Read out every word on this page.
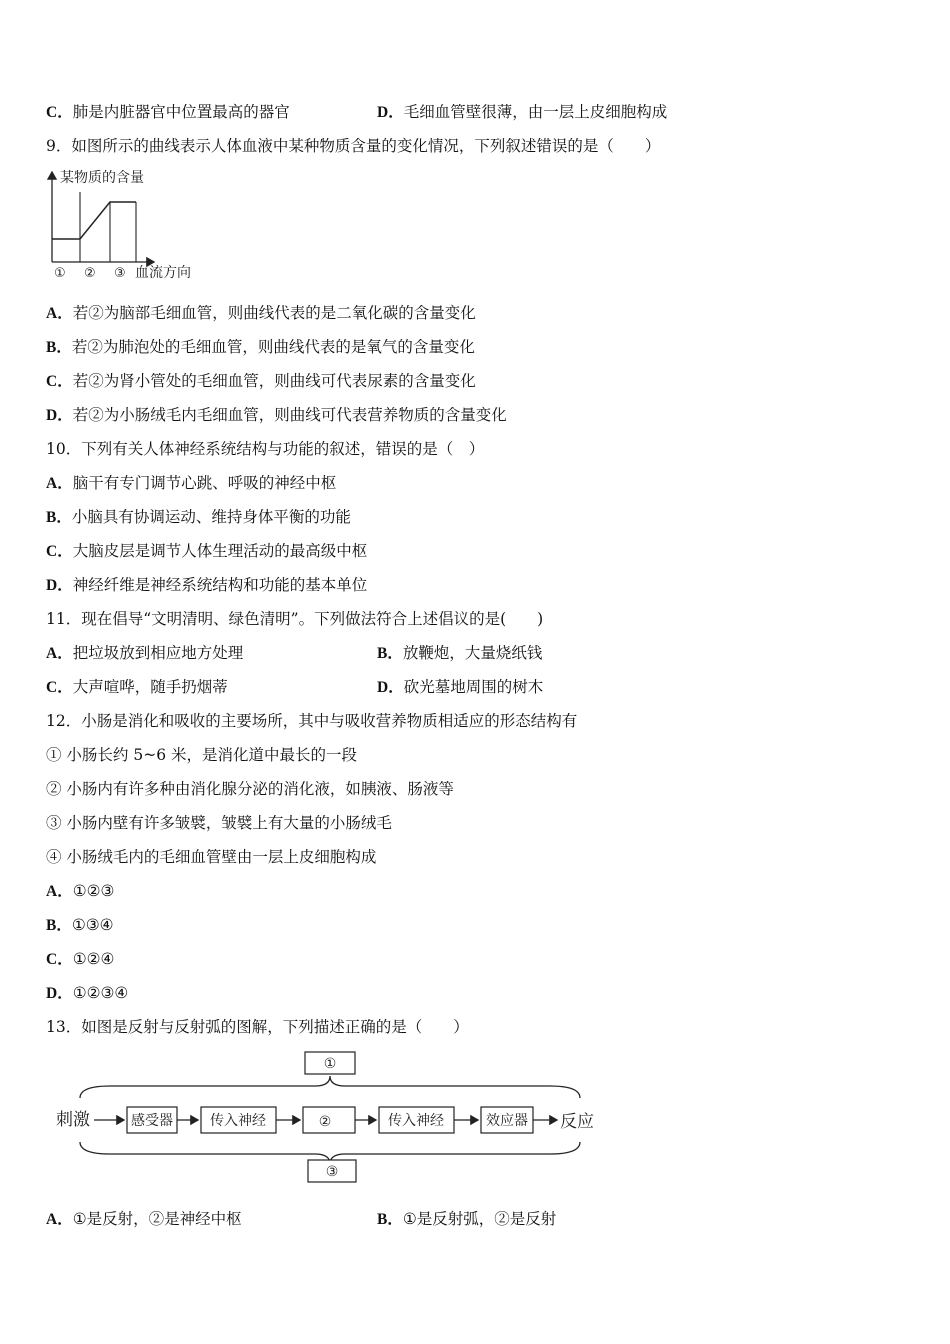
C．肺是内脏器官中位置最高的器官	D．毛细血管壁很薄，由一层上皮细胞构成
9．如图所示的曲线表示人体血液中某种物质含量的变化情况，下列叙述错误的是（　　）
某物质的含量
血流方向
① ② ③
A．若②为脑部毛细血管，则曲线代表的是二氧化碳的含量变化
B．若②为肺泡处的毛细血管，则曲线代表的是氧气的含量变化
C．若②为肾小管处的毛细血管，则曲线可代表尿素的含量变化
D．若②为小肠绒毛内毛细血管，则曲线可代表营养物质的含量变化
10．下列有关人体神经系统结构与功能的叙述，错误的是（　）
A．脑干有专门调节心跳、呼吸的神经中枢
B．小脑具有协调运动、维持身体平衡的功能
C．大脑皮层是调节人体生理活动的最高级中枢
D．神经纤维是神经系统结构和功能的基本单位
11．现在倡导“文明清明、绿色清明”。下列做法符合上述倡议的是(　　)
A．把垃圾放到相应地方处理	B．放鞭炮，大量烧纸钱
C．大声喧哗，随手扔烟蒂	D．砍光墓地周围的树木
12．小肠是消化和吸收的主要场所，其中与吸收营养物质相适应的形态结构有
① 小肠长约 5~6 米，是消化道中最长的一段
② 小肠内有许多种由消化腺分泌的消化液，如胰液、肠液等
③ 小肠内壁有许多皱襞，皱襞上有大量的小肠绒毛
④ 小肠绒毛内的毛细血管壁由一层上皮细胞构成
A．①②③
B．①③④
C．①②④
D．①②③④
13．如图是反射与反射弧的图解，下列描述正确的是（　　）
①
刺激	感受器	传入神经	②	传入神经	效应器 反应
③
A．①是反射，②是神经中枢	B．①是反射弧，②是反射
